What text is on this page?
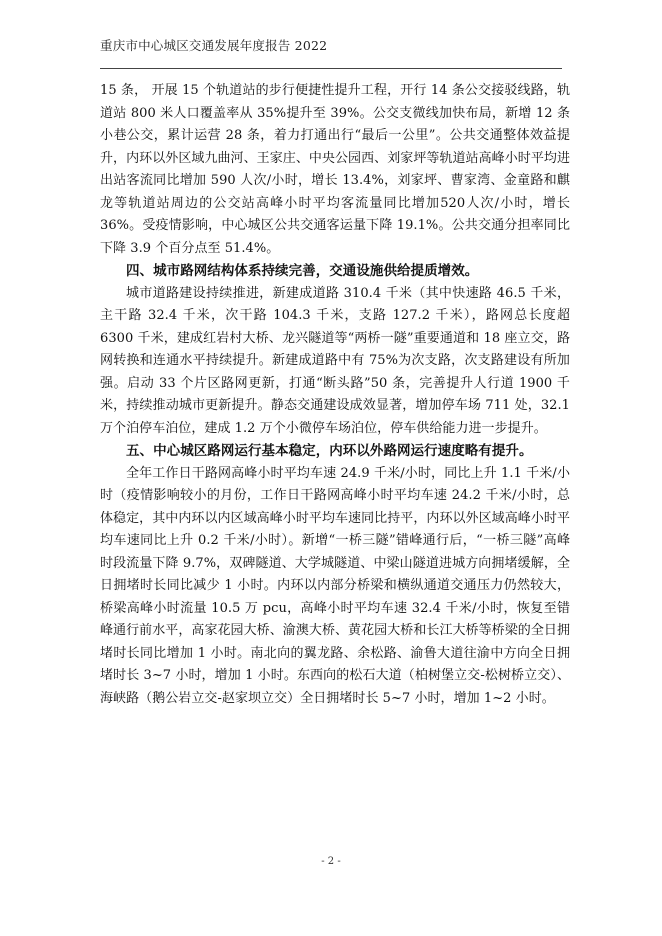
重庆市中心城区交通发展年度报告 2022

15 条， 开展 15 个轨道站的步行便捷性提升工程，开行 14 条公交接驳线路，轨道站 800 米人口覆盖率从 35%提升至 39%。公交支微线加快布局，新增 12 条小巷公交，累计运营 28 条，着力打通出行“最后一公里”。公共交通整体效益提升，内环以外区域九曲河、王家庄、中央公园西、刘家坪等轨道站高峰小时平均进出站客流同比增加 590 人次/小时，增长 13.4%，刘家坪、曹家湾、金童路和麒龙等轨道站周边的公交站高峰小时平均客流量同比增加520人次/小时，增长36%。受疫情影响，中心城区公共交通客运量下降 19.1%。公共交通分担率同比下降 3.9 个百分点至 51.4%。

四、城市路网结构体系持续完善，交通设施供给提质增效。

城市道路建设持续推进，新建成道路 310.4 千米（其中快速路 46.5 千米，主干路 32.4 千米，次干路 104.3 千米，支路 127.2 千米），路网总长度超 6300 千米，建成红岩村大桥、龙兴隧道等“两桥一隧”重要通道和 18 座立交，路网转换和连通水平持续提升。新建成道路中有 75%为次支路，次支路建设有所加强。启动 33 个片区路网更新，打通“断头路”50 条，完善提升人行道 1900 千米，持续推动城市更新提升。静态交通建设成效显著，增加停车场 711 处，32.1 万个泊停车泊位，建成 1.2 万个小微停车场泊位，停车供给能力进一步提升。

五、中心城区路网运行基本稳定，内环以外路网运行速度略有提升。

全年工作日干路网高峰小时平均车速 24.9 千米/小时，同比上升 1.1 千米/小时（疫情影响较小的月份，工作日干路网高峰小时平均车速 24.2 千米/小时，总体稳定，其中内环以内区域高峰小时平均车速同比持平，内环以外区域高峰小时平均车速同比上升 0.2 千米/小时）。新增“一桥三隧”错峰通行后，“一桥三隧”高峰时段流量下降 9.7%，双碑隧道、大学城隧道、中梁山隧道进城方向拥堵缓解，全日拥堵时长同比减少 1 小时。内环以内部分桥梁和横纵通道交通压力仍然较大，桥梁高峰小时流量 10.5 万 pcu，高峰小时平均车速 32.4 千米/小时，恢复至错峰通行前水平，高家花园大桥、渝澳大桥、黄花园大桥和长江大桥等桥梁的全日拥堵时长同比增加 1 小时。南北向的翼龙路、余松路、渝鲁大道往渝中方向全日拥堵时长 3~7 小时，增加 1 小时。东西向的松石大道（柏树堡立交-松树桥立交）、海峡路（鹅公岩立交-赵家坝立交）全日拥堵时长 5~7 小时，增加 1~2 小时。

- 2 -
